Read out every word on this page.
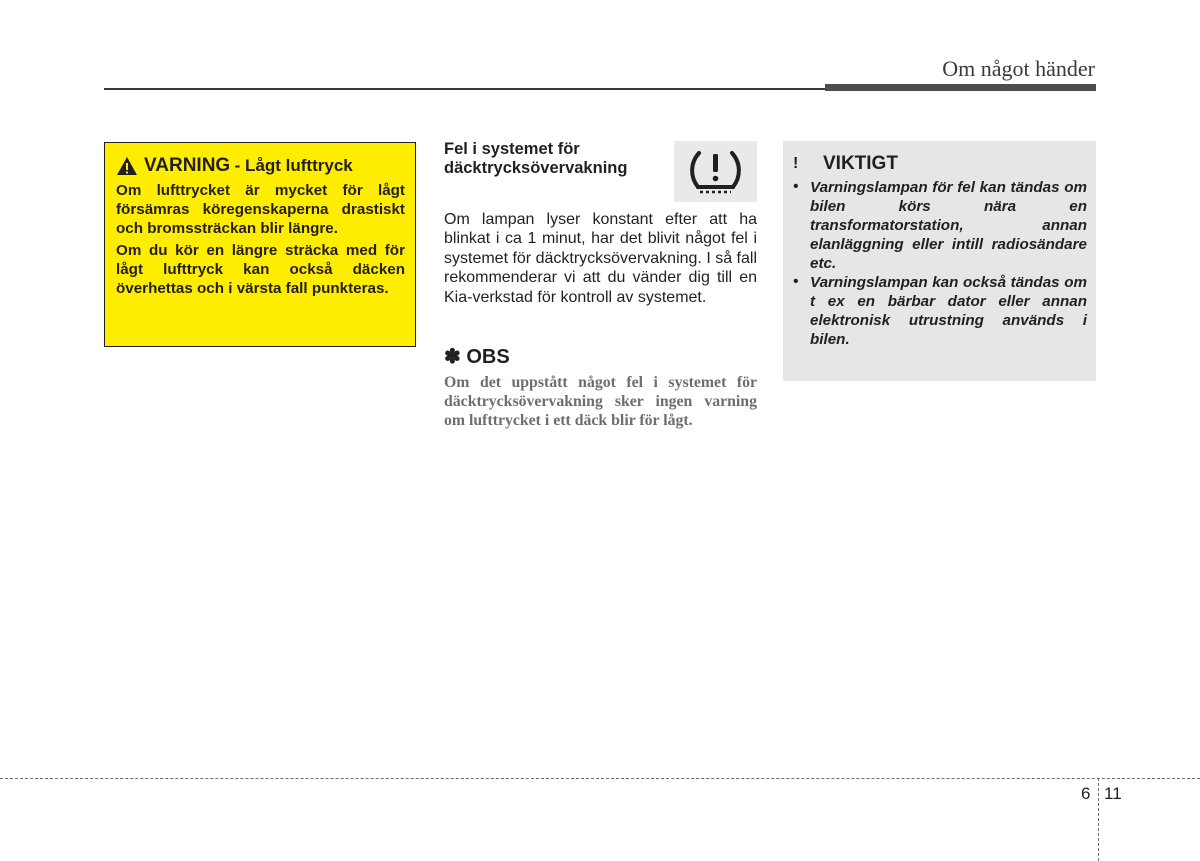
Om något händer
VARNING
- Lågt lufttryck

Om lufttrycket är mycket för lågt försämras köregenskaperna drastiskt och bromssträckan blir längre.

Om du kör en längre sträcka med för lågt lufttryck kan också däcken överhettas och i värsta fall punkteras.

Fel i systemet för däcktrycksövervakning

Om lampan lyser konstant efter att ha blinkat i ca 1 minut, har det blivit något fel i systemet för däcktrycksövervakning. I så fall rekommenderar vi att du vänder dig till en Kia-verkstad för kontroll av systemet.

✽ OBS

Om det uppstått något fel i systemet för däcktrycksövervakning sker ingen varning om lufttrycket i ett däck blir för lågt.

!	VIKTIGT
• Varningslampan för fel kan tändas om bilen körs nära en transformatorstation, annan elanläggning eller intill radiosändare etc.
• Varningslampan kan också tändas om t ex en bärbar dator eller annan elektronisk utrustning används i bilen.
6 11
